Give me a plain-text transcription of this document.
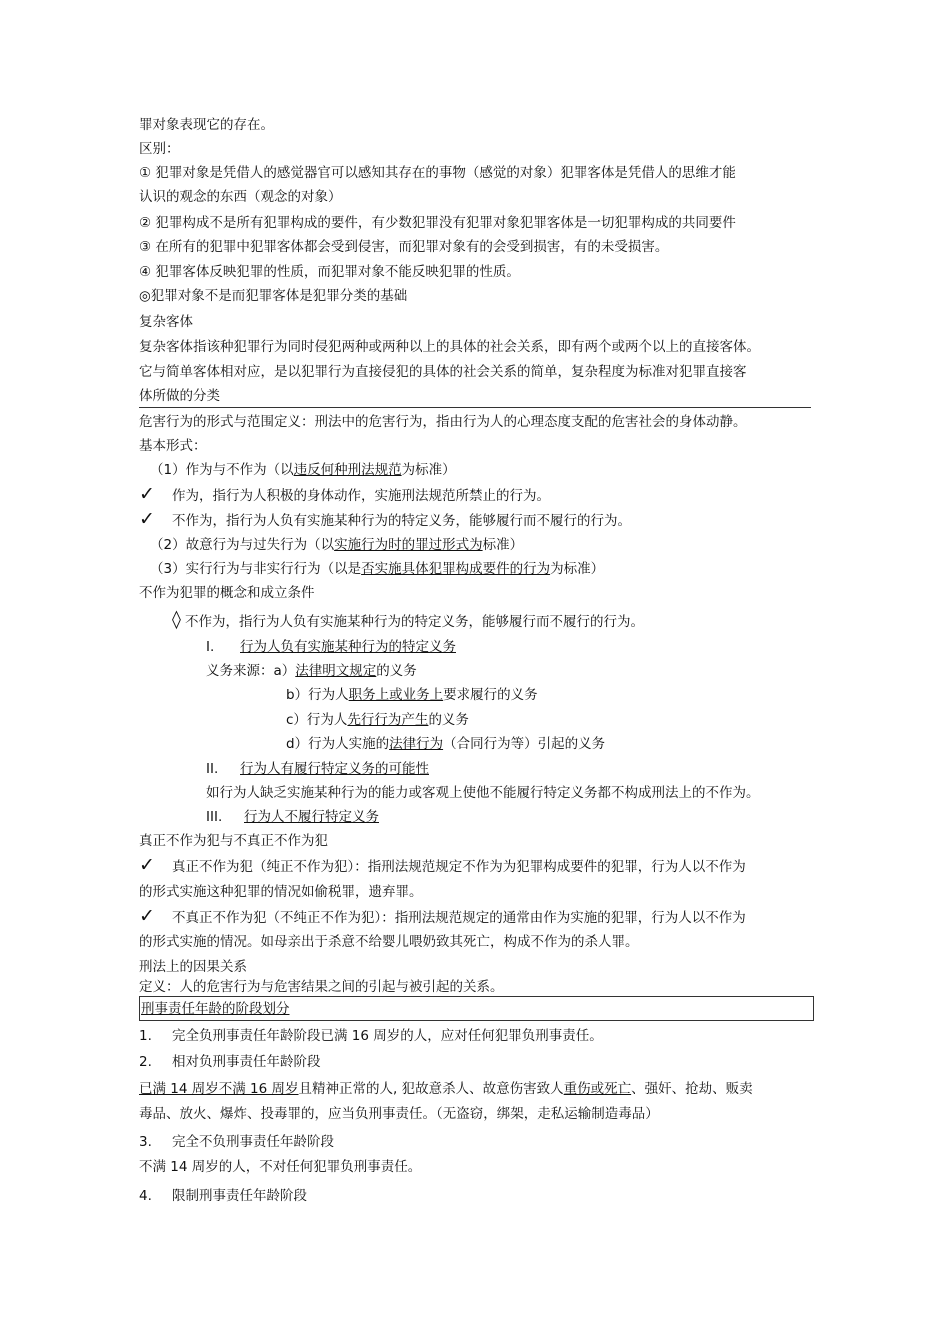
罪对象表现它的存在。
区别：
① 犯罪对象是凭借人的感觉器官可以感知其存在的事物（感觉的对象）犯罪客体是凭借人的思维才能
认识的观念的东西（观念的对象）
② 犯罪构成不是所有犯罪构成的要件，有少数犯罪没有犯罪对象犯罪客体是一切犯罪构成的共同要件
③ 在所有的犯罪中犯罪客体都会受到侵害，而犯罪对象有的会受到损害，有的未受损害。
④ 犯罪客体反映犯罪的性质，而犯罪对象不能反映犯罪的性质。
◎犯罪对象不是而犯罪客体是犯罪分类的基础
复杂客体
复杂客体指该种犯罪行为同时侵犯两种或两种以上的具体的社会关系，即有两个或两个以上的直接客体。
它与简单客体相对应，是以犯罪行为直接侵犯的具体的社会关系的简单，复杂程度为标准对犯罪直接客
体所做的分类
危害行为的形式与范围定义：刑法中的危害行为，指由行为人的心理态度支配的危害社会的身体动静。
基本形式：
（1）作为与不作为（以违反何种刑法规范为标准）
✓ 作为，指行为人积极的身体动作，实施刑法规范所禁止的行为。
✓ 不作为，指行为人负有实施某种行为的特定义务，能够履行而不履行的行为。
（2）故意行为与过失行为（以实施行为时的罪过形式为标准）
（3）实行行为与非实行行为（以是否实施具体犯罪构成要件的行为为标准）
不作为犯罪的概念和成立条件
◊ 不作为，指行为人负有实施某种行为的特定义务，能够履行而不履行的行为。
I. 行为人负有实施某种行为的特定义务
义务来源：a）法律明文规定的义务
b）行为人职务上或业务上要求履行的义务
c）行为人先行行为产生的义务
d）行为人实施的法律行为（合同行为等）引起的义务
II. 行为人有履行特定义务的可能性
如行为人缺乏实施某种行为的能力或客观上使他不能履行特定义务都不构成刑法上的不作为。
III. 行为人不履行特定义务
真正不作为犯与不真正不作为犯
✓ 真正不作为犯（纯正不作为犯）：指刑法规范规定不作为为犯罪构成要件的犯罪，行为人以不作为
的形式实施这种犯罪的情况如偷税罪，遗弃罪。
✓ 不真正不作为犯（不纯正不作为犯）：指刑法规范规定的通常由作为实施的犯罪，行为人以不作为
的形式实施的情况。如母亲出于杀意不给婴儿喂奶致其死亡，构成不作为的杀人罪。
刑法上的因果关系
定义：人的危害行为与危害结果之间的引起与被引起的关系。
刑事责任年龄的阶段划分
1. 完全负刑事责任年龄阶段已满 16 周岁的人，应对任何犯罪负刑事责任。
2. 相对负刑事责任年龄阶段
已满 14 周岁不满 16 周岁且精神正常的人, 犯故意杀人、故意伤害致人重伤或死亡、强奸、抢劫、贩卖
毒品、放火、爆炸、投毒罪的，应当负刑事责任。（无盗窃，绑架，走私运输制造毒品）
3. 完全不负刑事责任年龄阶段
不满 14 周岁的人，不对任何犯罪负刑事责任。
4. 限制刑事责任年龄阶段
